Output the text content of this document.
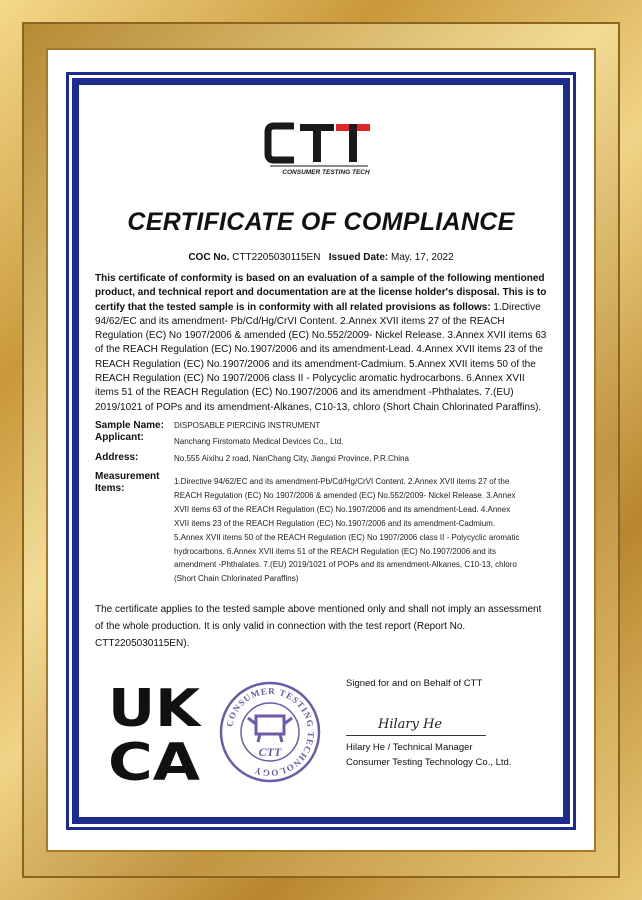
CONSUMER TESTING TECH
CERTIFICATE OF COMPLIANCE
COC No. CTT2205030115EN Issued Date: May. 17, 2022
This certificate of conformity is based on an evaluation of a sample of the following mentioned product, and technical report and documentation are at the license holder's disposal. This is to certify that the tested sample is in conformity with all related provisions as follows: 1.Directive 94/62/EC and its amendment- Pb/Cd/Hg/CrVI Content. 2.Annex XVII items 27 of the REACH Regulation (EC) No 1907/2006 & amended (EC) No.552/2009- Nickel Release. 3.Annex XVII items 63 of the REACH Regulation (EC) No.1907/2006 and its amendment-Lead. 4.Annex XVII items 23 of the REACH Regulation (EC) No.1907/2006 and its amendment-Cadmium. 5.Annex XVII items 50 of the REACH Regulation (EC) No 1907/2006 class II - Polycyclic aromatic hydrocarbons. 6.Annex XVII items 51 of the REACH Regulation (EC) No.1907/2006 and its amendment -Phthalates. 7.(EU) 2019/1021 of POPs and its amendment-Alkanes, C10-13, chloro (Short Chain Chlorinated Paraffins).
Sample Name: DISPOSABLE PIERCING INSTRUMENT
Applicant:	Nanchang Firstomato Medical Devices Co., Ltd.
Address:	No.555 Aixihu 2 road, NanChang City, Jiangxi Province, P.R.China
Measurement
Items:
1.Directive 94/62/EC and its amendment-Pb/Cd/Hg/CrVI Content. 2.Annex XVII items 27 of the REACH Regulation (EC) No 1907/2006 & amended (EC) No.552/2009- Nickel Release. 3.Annex XVII items 63 of the REACH Regulation (EC) No.1907/2006 and its amendment-Lead. 4.Annex XVII items 23 of the REACH Regulation (EC) No.1907/2006 and its amendment-Cadmium. 5.Annex XVII items 50 of the REACH Regulation (EC) No 1907/2006 class II - Polycyclic aromatic hydrocarbons. 6.Annex XVII items 51 of the REACH Regulation (EC) No.1907/2006 and its amendment -Phthalates. 7.(EU) 2019/1021 of POPs and its amendment-Alkanes, C10-13, chloro (Short Chain Chlorinated Paraffins)
The certificate applies to the tested sample above mentioned only and shall not imply an assessment of the whole production. It is only valid in connection with the test report (Report No. CTT2205030115EN).
UK
CA
CONSUMER TESTING TECHNOLOGY
CTT
Signed for and on Behalf of CTT
Hilary He
Hilary He / Technical Manager
Consumer Testing Technology Co., Ltd.
